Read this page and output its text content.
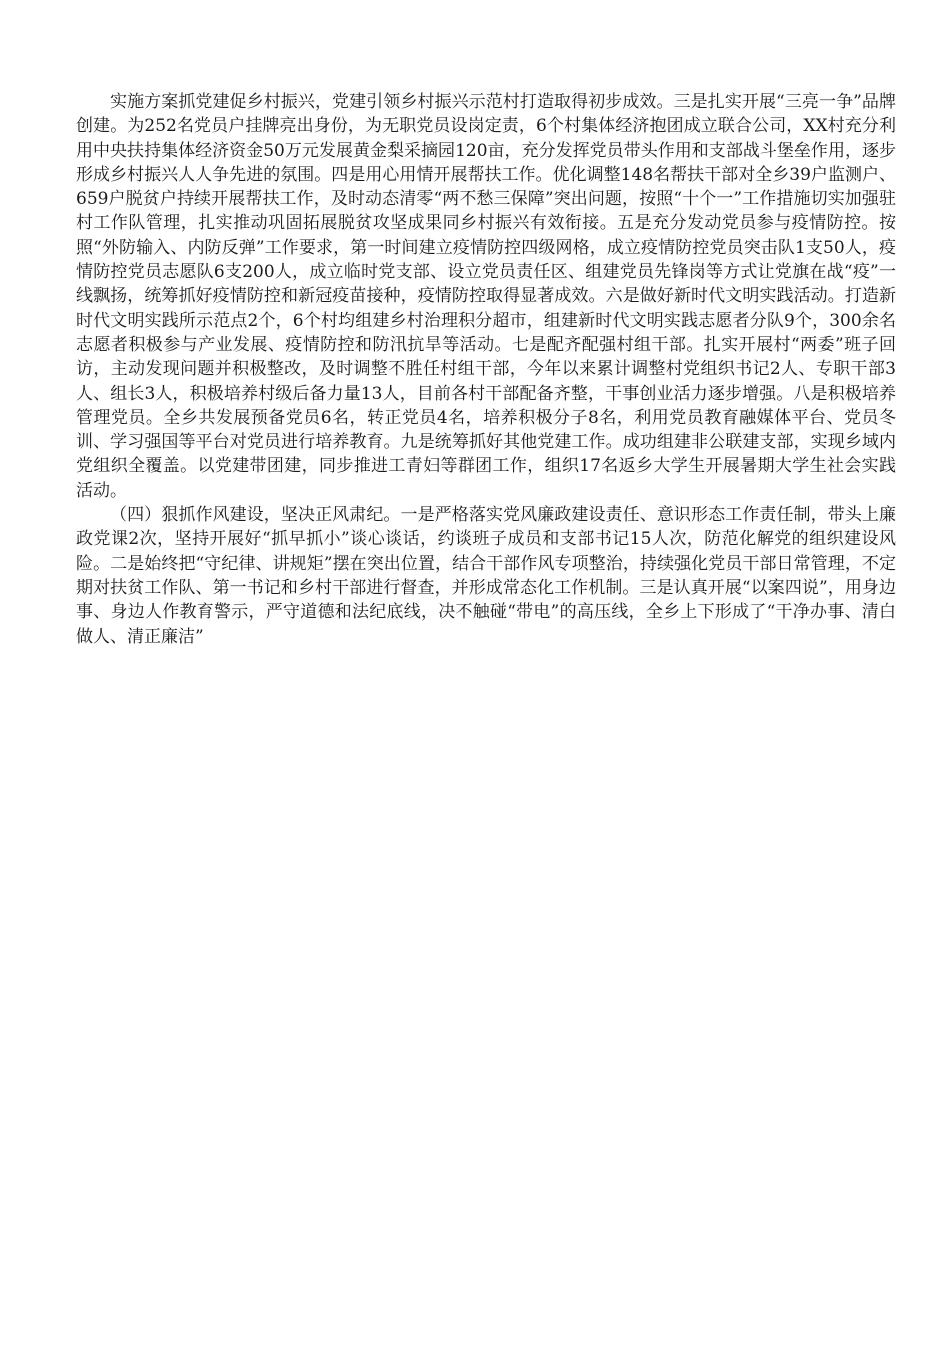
实施方案抓党建促乡村振兴，党建引领乡村振兴示范村打造取得初步成效。三是扎实开展“三亮一争”品牌创建。为252名党员户挂牌亮出身份，为无职党员设岗定责，6个村集体经济抱团成立联合公司，XX村充分利用中央扶持集体经济资金50万元发展黄金梨采摘园120亩，充分发挥党员带头作用和支部战斗堡垒作用，逐步形成乡村振兴人人争先进的氛围。四是用心用情开展帮扶工作。优化调整148名帮扶干部对全乡39户监测户、659户脱贫户持续开展帮扶工作，及时动态清零“两不愁三保障”突出问题，按照“十个一”工作措施切实加强驻村工作队管理，扎实推动巩固拓展脱贫攻坚成果同乡村振兴有效衔接。五是充分发动党员参与疫情防控。按照“外防输入、内防反弹”工作要求，第一时间建立疫情防控四级网格，成立疫情防控党员突击队1支50人，疫情防控党员志愿队6支200人，成立临时党支部、设立党员责任区、组建党员先锋岗等方式让党旗在战“疫”一线飘扬，统筹抓好疫情防控和新冠疫苗接种，疫情防控取得显著成效。六是做好新时代文明实践活动。打造新时代文明实践所示范点2个，6个村均组建乡村治理积分超市，组建新时代文明实践志愿者分队9个，300余名志愿者积极参与产业发展、疫情防控和防汛抗旱等活动。七是配齐配强村组干部。扎实开展村“两委”班子回访，主动发现问题并积极整改，及时调整不胜任村组干部，今年以来累计调整村党组织书记2人、专职干部3人、组长3人，积极培养村级后备力量13人，目前各村干部配备齐整，干事创业活力逐步增强。八是积极培养管理党员。全乡共发展预备党员6名，转正党员4名，培养积极分子8名，利用党员教育融媒体平台、党员冬训、学习强国等平台对党员进行培养教育。九是统筹抓好其他党建工作。成功组建非公联建支部，实现乡域内党组织全覆盖。以党建带团建，同步推进工青妇等群团工作，组织17名返乡大学生开展暑期大学生社会实践活动。

（四）狠抓作风建设，坚决正风肃纪。一是严格落实党风廉政建设责任、意识形态工作责任制，带头上廉政党课2次，坚持开展好“抓早抓小”谈心谈话，约谈班子成员和支部书记15人次，防范化解党的组织建设风险。二是始终把“守纪律、讲规矩”摆在突出位置，结合干部作风专项整治，持续强化党员干部日常管理，不定期对扶贫工作队、第一书记和乡村干部进行督查，并形成常态化工作机制。三是认真开展“以案四说”，用身边事、身边人作教育警示，严守道德和法纪底线，决不触碰“带电”的高压线，全乡上下形成了“干净办事、清白做人、清正廉洁”
